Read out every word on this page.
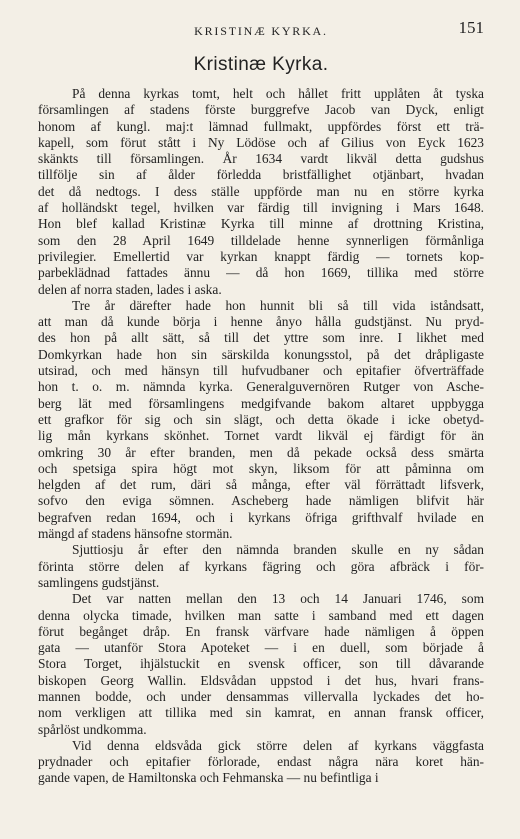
KRISTINÆ KYRKA.	151
Kristinæ Kyrka.
På denna kyrkas tomt, helt och hållet fritt upplåten åt tyska
församlingen af stadens förste burggrefve Jacob van Dyck, enligt
honom af kungl. maj:t lämnad fullmakt, uppfördes först ett trä-
kapell, som förut stått i Ny Lödöse och af Gilius von Eyck 1623
skänkts till församlingen. År 1634 vardt likväl detta gudshus
tillfölje sin af ålder förledda bristfällighet otjänbart, hvadan
det då nedtogs. I dess ställe uppförde man nu en större kyrka
af holländskt tegel, hvilken var färdig till invigning i Mars 1648.
Hon blef kallad Kristinæ Kyrka till minne af drottning Kristina,
som den 28 April 1649 tilldelade henne synnerligen förmånliga
privilegier. Emellertid var kyrkan knappt färdig — tornets kop-
parbeklädnad fattades ännu — då hon 1669, tillika med större
delen af norra staden, lades i aska.
Tre år därefter hade hon hunnit bli så till vida iståndsatt,
att man då kunde börja i henne ånyo hålla gudstjänst. Nu pryd-
des hon på allt sätt, så till det yttre som inre. I likhet med
Domkyrkan hade hon sin särskilda konungsstol, på det dråpligaste
utsirad, och med hänsyn till hufvudbaner och epitafier öfverträffade
hon t. o. m. nämnda kyrka. Generalguvernören Rutger von Asche-
berg lät med församlingens medgifvande bakom altaret uppbygga
ett grafkor för sig och sin slägt, och detta ökade i icke obetyd-
lig mån kyrkans skönhet. Tornet vardt likväl ej färdigt för än
omkring 30 år efter branden, men då pekade också dess smärta
och spetsiga spira högt mot skyn, liksom för att påminna om
helgden af det rum, däri så många, efter väl förrättadt lifsverk,
sofvo den eviga sömnen. Ascheberg hade nämligen blifvit här
begrafven redan 1694, och i kyrkans öfriga grifthvalf hvilade en
mängd af stadens hänsofne stormän.
Sjuttiosju år efter den nämnda branden skulle en ny sådan
förinta större delen af kyrkans fägring och göra afbräck i för-
samlingens gudstjänst.
Det var natten mellan den 13 och 14 Januari 1746, som
denna olycka timade, hvilken man satte i samband med ett dagen
förut begånget dråp. En fransk värfvare hade nämligen å öppen
gata — utanför Stora Apoteket — i en duell, som började å
Stora Torget, ihjälstuckit en svensk officer, son till dåvarande
biskopen Georg Wallin. Eldsvådan uppstod i det hus, hvari frans-
mannen bodde, och under densammas villervalla lyckades det ho-
nom verkligen att tillika med sin kamrat, en annan fransk officer,
spårlöst undkomma.
Vid denna eldsvåda gick större delen af kyrkans väggfasta
prydnader och epitafier förlorade, endast några nära koret hän-
gande vapen, de Hamiltonska och Fehmanska — nu befintliga i
